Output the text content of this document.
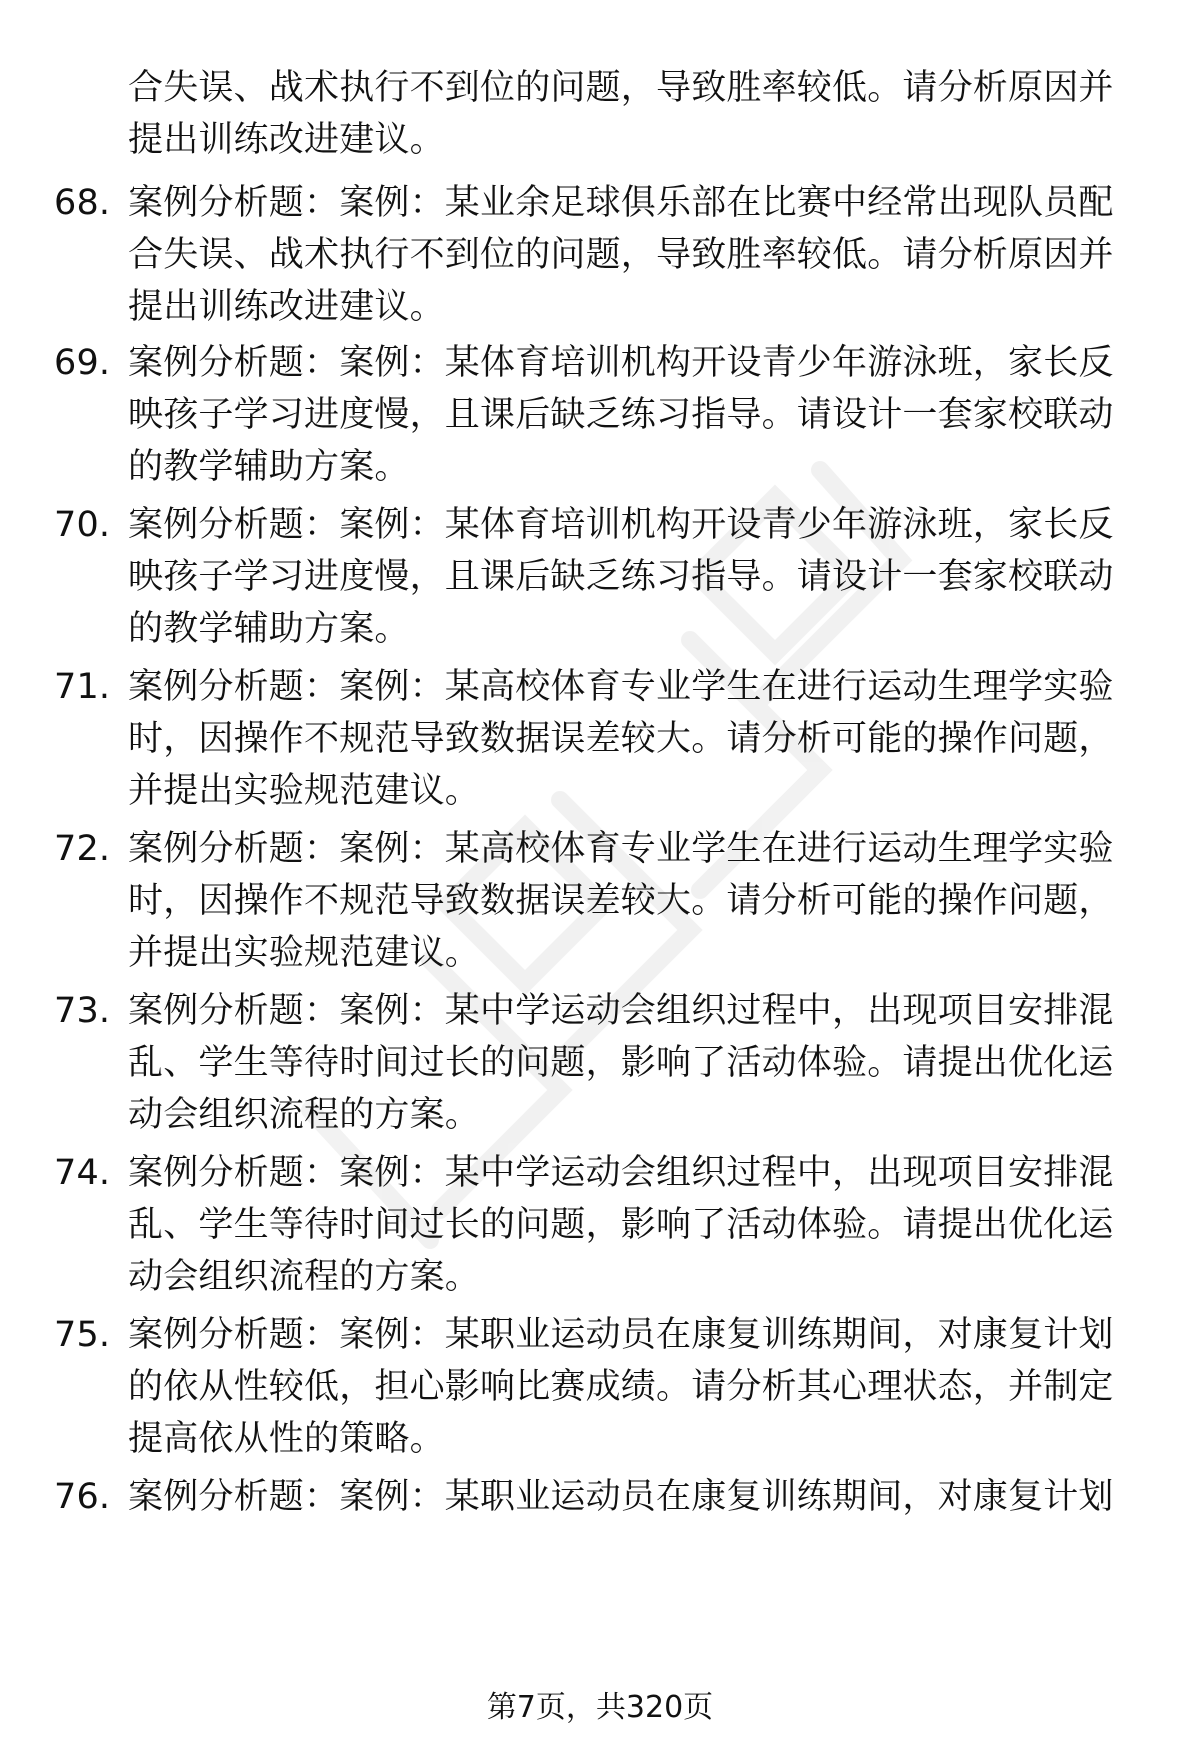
合失误、战术执行不到位的问题，导致胜率较低。请分析原因并提出训练改进建议。
68. 案例分析题：案例：某业余足球俱乐部在比赛中经常出现队员配合失误、战术执行不到位的问题，导致胜率较低。请分析原因并提出训练改进建议。
69. 案例分析题：案例：某体育培训机构开设青少年游泳班，家长反映孩子学习进度慢，且课后缺乏练习指导。请设计一套家校联动的教学辅助方案。
70. 案例分析题：案例：某体育培训机构开设青少年游泳班，家长反映孩子学习进度慢，且课后缺乏练习指导。请设计一套家校联动的教学辅助方案。
71. 案例分析题：案例：某高校体育专业学生在进行运动生理学实验时，因操作不规范导致数据误差较大。请分析可能的操作问题，并提出实验规范建议。
72. 案例分析题：案例：某高校体育专业学生在进行运动生理学实验时，因操作不规范导致数据误差较大。请分析可能的操作问题，并提出实验规范建议。
73. 案例分析题：案例：某中学运动会组织过程中，出现项目安排混乱、学生等待时间过长的问题，影响了活动体验。请提出优化运动会组织流程的方案。
74. 案例分析题：案例：某中学运动会组织过程中，出现项目安排混乱、学生等待时间过长的问题，影响了活动体验。请提出优化运动会组织流程的方案。
75. 案例分析题：案例：某职业运动员在康复训练期间，对康复计划的依从性较低，担心影响比赛成绩。请分析其心理状态，并制定提高依从性的策略。
76. 案例分析题：案例：某职业运动员在康复训练期间，对康复计划
第7页，共320页
